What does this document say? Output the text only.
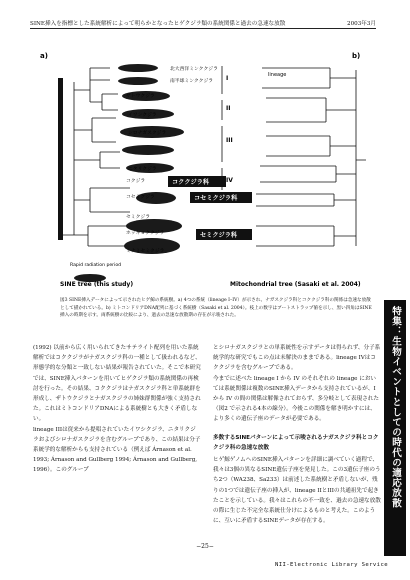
SINE挿入を指標とした系統解析によって明らかとなったヒゲクジラ類の系統関係と過去の急速な放散	2003年3月
a)	b)
lineage
Rapid radiation period
北大西洋ミンククジラ
南半球ミンククジラ
ザトウクジラ
イワシクジラ
シロナガスクジラ
ニタリクジラ
コクジラ
セミクジラ
ホッキョククジラ
コセミクジラ
ミナミセミクジラ
I
II
III
IV
コククジラ科
コセミクジラ科
セミクジラ科
SINE tree (this study)	Mitochondrial tree (Sasaki et al. 2004)
図3 SINE挿入データによって示されたヒゲ鯨の系統樹。a) 4つの系統（lineage I–IV）が示され、ナガスクジラ科とコククジラ科の関係は急速な放散として描かれている。b) ミトコンドリアDNA配列に基づく系統樹（Sasaki et al. 2004）。枝上の数字はブートストラップ値を示し、黒い四角はSINE挿入の時期を示す。両系統樹の比較により、過去の急速な放散期の存在が示唆された。

(1992) 以前から広く用いられてきたサテライト配列を用いた系統解析ではコククジラがナガスクジラ科の一種として扱われるなど、形態学的な分類と一致しない結果が報告されていた。そこで本研究では、SINE挿入パターンを用いてヒゲクジラ類の系統関係の再検討を行った。その結果、コククジラはナガスクジラ科と単系統群を形成し、ザトウクジラとナガスクジラの姉妹群関係が強く支持された。これはミトコンドリアDNAによる系統樹とも大きく矛盾しない。

lineage IIIは従来から提唱されていたイワシクジラ、ニタリクジラおよびシロナガスクジラを含むグループであり、この結果は分子系統学的な解析からも支持されている（例えば Árnason et al. 1993; Árnason and Gullberg 1994; Árnason and Gullberg, 1996）。このグループ

とシロナガスクジラとの単系統性を示すデータは得られず、分子系統学的な研究でもこの点は未解決のままである。lineage IVはコククジラを含むグループである。

今までに述べた lineage I から IV のそれぞれの lineage においては系統関係は複数のSINE挿入データから支持されているが、I から IV の間の関係は解像されておらず、多分岐として表現された（図2 で示される4本の線分）。今後この関係を解き明かすには、より多くの遺伝子座のデータが必要である。

多数するSINEパターンによって示唆されるナガスクジラ科とコククジラ科の急速な放散

ヒゲ鯨ゲノムへのSINE挿入パターンを詳細に調べていく過程で、我々は3個の異なるSINE遺伝子座を発見した。この3遺伝子座のうち2つ（WA238、Sa233）は前述した系統樹と矛盾しないが、残りの1つでは遺伝子座の挿入が、lineage IIとIIIの共通祖先で起きたことを示している。我々はこれらの不一致を、過去の急速な放散の際に生じた不完全な系統仕分けによるものと考えた。このように、互いに矛盾するSINEデータが存在する。

特集：生物イベントとしての時代の適応放散
−25−
NII-Electronic Library Service
